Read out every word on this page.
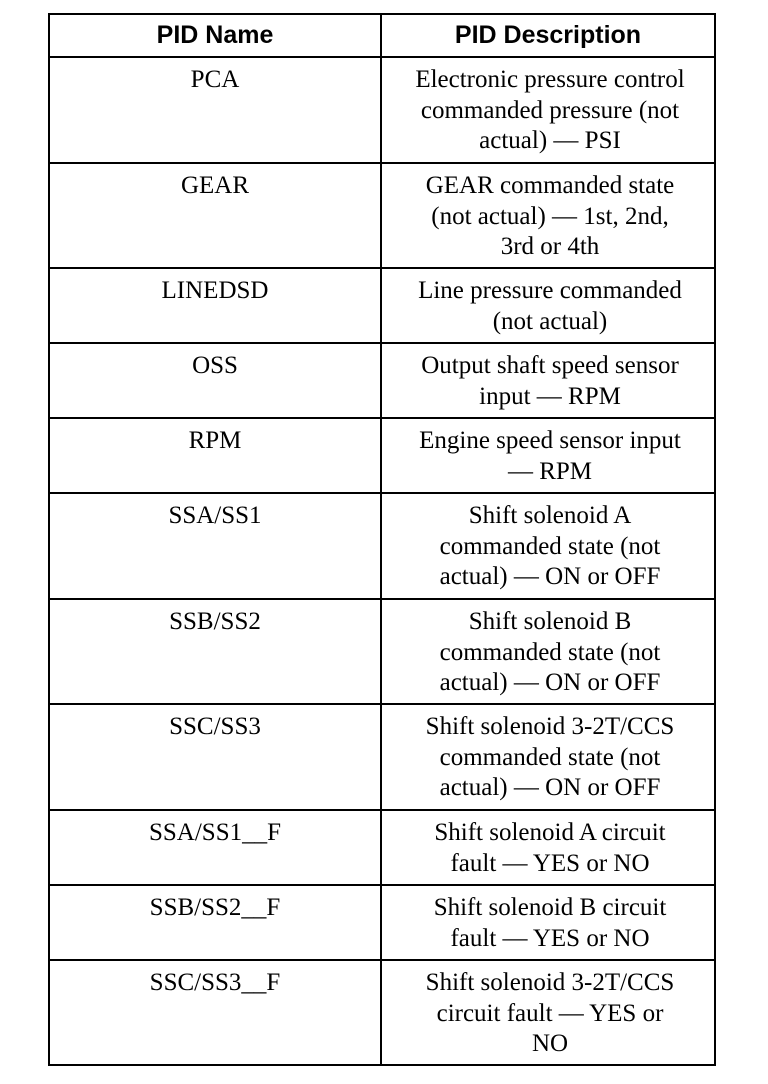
PID Name	PID Description
PCA	Electronic pressure control
commanded pressure (not
actual) — PSI

GEAR	GEAR commanded state
(not actual) — 1st, 2nd,
3rd or 4th

LINEDSD	Line pressure commanded
(not actual)

OSS	Output shaft speed sensor
input — RPM

RPM	Engine speed sensor input
— RPM

SSA/SS1	Shift solenoid A
commanded state (not
actual) — ON or OFF

SSB/SS2	Shift solenoid B
commanded state (not
actual) — ON or OFF

SSC/SS3	Shift solenoid 3-2T/CCS
commanded state (not
actual) — ON or OFF

SSA/SS1__F	Shift solenoid A circuit
fault — YES or NO

SSB/SS2__F	Shift solenoid B circuit
fault — YES or NO

SSC/SS3__F	Shift solenoid 3-2T/CCS
circuit fault — YES or
NO
